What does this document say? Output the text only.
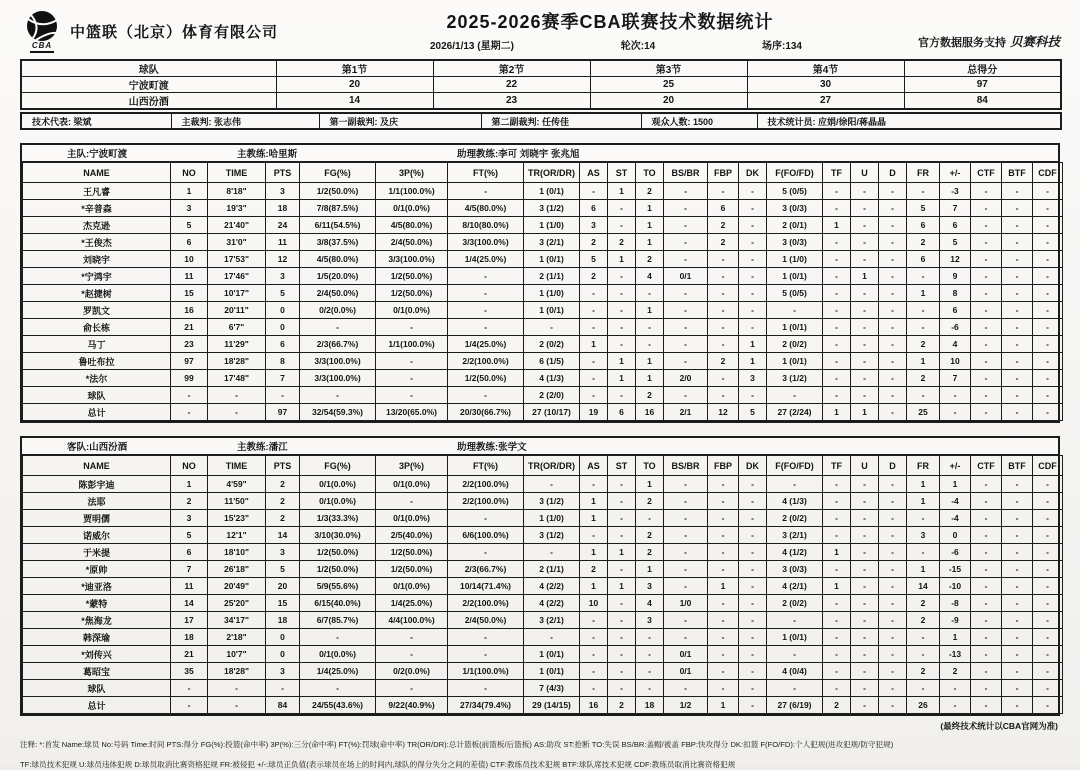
CBA
中篮联（北京）体育有限公司
2025-2026赛季CBA联赛技术数据统计
2026/1/13 (星期二)	轮次:14	场序:134	官方数据服务支持 贝赛科技
球队	第1节	第2节	第3节	第4节	总得分
宁波町渡	20	22	25	30	97
山西汾酒	14	23	20	27	84
技术代表: 梁斌	主裁判: 张志伟	第一副裁判: 及庆	第二副裁判: 任传佳	观众人数: 1500	技术统计员: 应娟/徐阳/蒋晶晶
主队:宁波町渡	主教练:哈里斯	助理教练:李可 刘晓宇 张兆旭
NAME	NO	TIME	PTS	FG(%)	3P(%)	FT(%)	TR(OR/DR)	AS	ST	TO	BS/BR	FBP	DK	F(FO/FD)	TF	U	D	FR	+/-	CTF	BTF	CDF
王凡睿	1	8'18"	3	1/2(50.0%)	1/1(100.0%)	-	1 (0/1)	-	1	2	-	-	-	5 (0/5)	-	-	-	-	-3	-	-	-
*辛普森	3	19'3"	18	7/8(87.5%)	0/1(0.0%)	4/5(80.0%)	3 (1/2)	6	-	1	-	6	-	3 (0/3)	-	-	-	5	7	-	-	-
杰克逊	5	21'40"	24	6/11(54.5%)	4/5(80.0%)	8/10(80.0%)	1 (1/0)	3	-	1	-	2	-	2 (0/1)	1	-	-	6	6	-	-	-
*王俊杰	6	31'0"	11	3/8(37.5%)	2/4(50.0%)	3/3(100.0%)	3 (2/1)	2	2	1	-	2	-	3 (0/3)	-	-	-	2	5	-	-	-
刘晓宇	10	17'53"	12	4/5(80.0%)	3/3(100.0%)	1/4(25.0%)	1 (0/1)	5	1	2	-	-	-	1 (1/0)	-	-	-	6	12	-	-	-
*宁鸿宇	11	17'46"	3	1/5(20.0%)	1/2(50.0%)	-	2 (1/1)	2	-	4	0/1	-	-	1 (0/1)	-	1	-	-	9	-	-	-
*赵捷树	15	10'17"	5	2/4(50.0%)	1/2(50.0%)	-	1 (1/0)	-	-	-	-	-	-	5 (0/5)	-	-	-	1	8	-	-	-
罗凯文	16	20'11"	0	0/2(0.0%)	0/1(0.0%)	-	1 (0/1)	-	-	1	-	-	-	-	-	-	-	-	6	-	-	-
俞长栋	21	6'7"	0	-	-	-	-	-	-	-	-	-	-	1 (0/1)	-	-	-	-	-6	-	-	-
马丁	23	11'29"	6	2/3(66.7%)	1/1(100.0%)	1/4(25.0%)	2 (0/2)	1	-	-	-	-	1	2 (0/2)	-	-	-	2	4	-	-	-
鲁吐布拉	97	18'28"	8	3/3(100.0%)	-	2/2(100.0%)	6 (1/5)	-	1	1	-	2	1	1 (0/1)	-	-	-	1	10	-	-	-
*法尔	99	17'48"	7	3/3(100.0%)	-	1/2(50.0%)	4 (1/3)	-	1	1	2/0	-	3	3 (1/2)	-	-	-	2	7	-	-	-
球队	-	-	-	-	-	-	2 (2/0)	-	-	2	-	-	-	-	-	-	-	-	-	-	-	-
总计	-	-	97	32/54(59.3%)	13/20(65.0%)	20/30(66.7%)	27 (10/17)	19	6	16	2/1	12	5	27 (2/24)	1	1	-	25	-	-	-	-
客队:山西汾酒	主教练:潘江	助理教练:张学文
NAME	NO	TIME	PTS	FG(%)	3P(%)	FT(%)	TR(OR/DR)	AS	ST	TO	BS/BR	FBP	DK	F(FO/FD)	TF	U	D	FR	+/-	CTF	BTF	CDF
陈彭宇迪	1	4'59"	2	0/1(0.0%)	0/1(0.0%)	2/2(100.0%)	-	-	-	1	-	-	-	-	-	-	-	1	1	-	-	-
法耶	2	11'50"	2	0/1(0.0%)	-	2/2(100.0%)	3 (1/2)	1	-	2	-	-	-	4 (1/3)	-	-	-	1	-4	-	-	-
贾明儒	3	15'23"	2	1/3(33.3%)	0/1(0.0%)	-	1 (1/0)	1	-	-	-	-	-	2 (0/2)	-	-	-	-	-4	-	-	-
诺威尔	5	12'1"	14	3/10(30.0%)	2/5(40.0%)	6/6(100.0%)	3 (1/2)	-	-	2	-	-	-	3 (2/1)	-	-	-	3	0	-	-	-
于米提	6	18'10"	3	1/2(50.0%)	1/2(50.0%)	-	-	1	1	2	-	-	-	4 (1/2)	1	-	-	-	-6	-	-	-
*原帅	7	26'18"	5	1/2(50.0%)	1/2(50.0%)	2/3(66.7%)	2 (1/1)	2	-	1	-	-	-	3 (0/3)	-	-	-	1	-15	-	-	-
*迪亚洛	11	20'49"	20	5/9(55.6%)	0/1(0.0%)	10/14(71.4%)	4 (2/2)	1	1	3	-	1	-	4 (2/1)	1	-	-	14	-10	-	-	-
*蒙特	14	25'20"	15	6/15(40.0%)	1/4(25.0%)	2/2(100.0%)	4 (2/2)	10	-	4	1/0	-	-	2 (0/2)	-	-	-	2	-8	-	-	-
*焦海龙	17	34'17"	18	6/7(85.7%)	4/4(100.0%)	2/4(50.0%)	3 (2/1)	-	-	3	-	-	-	-	-	-	-	2	-9	-	-	-
韩深瑜	18	2'18"	0	-	-	-	-	-	-	-	-	-	-	1 (0/1)	-	-	-	-	1	-	-	-
*刘传兴	21	10'7"	0	0/1(0.0%)	-	-	1 (0/1)	-	-	-	0/1	-	-	-	-	-	-	-	-13	-	-	-
葛昭宝	35	18'28"	3	1/4(25.0%)	0/2(0.0%)	1/1(100.0%)	1 (0/1)	-	-	-	0/1	-	-	4 (0/4)	-	-	-	2	2	-	-	-
球队	-	-	-	-	-	-	7 (4/3)	-	-	-	-	-	-	-	-	-	-	-	-	-	-	-
总计	-	-	84	24/55(43.6%)	9/22(40.9%)	27/34(79.4%)	29 (14/15)	16	2	18	1/2	1	-	27 (6/19)	2	-	-	26	-	-	-	-
(最终技术统计以CBA官网为准)
注释: *:首发 Name:球员 No:号码 Time:时间 PTS:得分 FG(%):投篮(命中率) 3P(%):三分(命中率) FT(%):罚球(命中率) TR(OR/DR):总计篮板(前篮板/后篮板) AS:助攻 ST:抢断 TO:失误 BS/BR:盖帽/被盖 FBP:快攻得分 DK:扣篮 F(FO/FD):个人犯规(进攻犯规/防守犯规)
TF:球员技术犯规 U:球员违体犯规 D:球员取消比赛资格犯规 FR:被侵犯 +/-:球员正负值(表示球员在场上的时间内,球队的得分失分之间的差值) CTF:教练员技术犯规 BTF:球队席技术犯规 CDF:教练员取消比赛资格犯规
